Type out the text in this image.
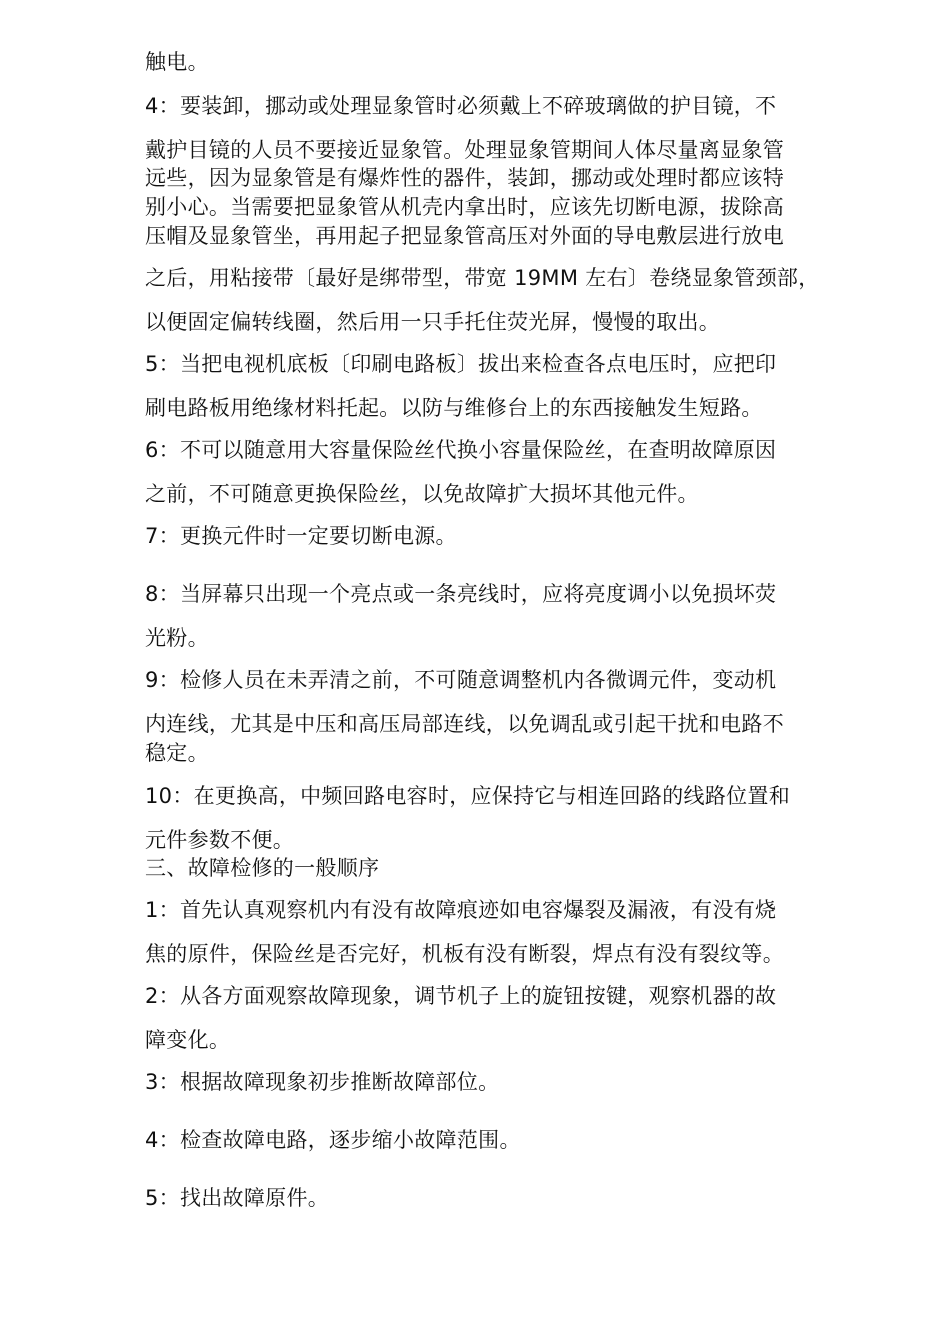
触电。
4：要装卸，挪动或处理显象管时必须戴上不碎玻璃做的护目镜，不
戴护目镜的人员不要接近显象管。处理显象管期间人体尽量离显象管
远些，因为显象管是有爆炸性的器件，装卸，挪动或处理时都应该特
别小心。当需要把显象管从机壳内拿出时，应该先切断电源，拔除高
压帽及显象管坐，再用起子把显象管高压对外面的导电敷层进行放电
之后，用粘接带〔最好是绑带型，带宽 19MM 左右〕卷绕显象管颈部，
以便固定偏转线圈，然后用一只手托住荧光屏，慢慢的取出。
5：当把电视机底板〔印刷电路板〕拔出来检查各点电压时，应把印
刷电路板用绝缘材料托起。以防与维修台上的东西接触发生短路。
6：不可以随意用大容量保险丝代换小容量保险丝，在查明故障原因
之前，不可随意更换保险丝，以免故障扩大损坏其他元件。
7：更换元件时一定要切断电源。
8：当屏幕只出现一个亮点或一条亮线时，应将亮度调小以免损坏荧
光粉。
9：检修人员在未弄清之前，不可随意调整机内各微调元件，变动机
内连线，尤其是中压和高压局部连线，以免调乱或引起干扰和电路不
稳定。
10：在更换高，中频回路电容时，应保持它与相连回路的线路位置和
元件参数不便。
三、故障检修的一般顺序
1：首先认真观察机内有没有故障痕迹如电容爆裂及漏液，有没有烧
焦的原件，保险丝是否完好，机板有没有断裂，焊点有没有裂纹等。
2：从各方面观察故障现象，调节机子上的旋钮按键，观察机器的故
障变化。
3：根据故障现象初步推断故障部位。
4：检查故障电路，逐步缩小故障范围。
5：找出故障原件。
